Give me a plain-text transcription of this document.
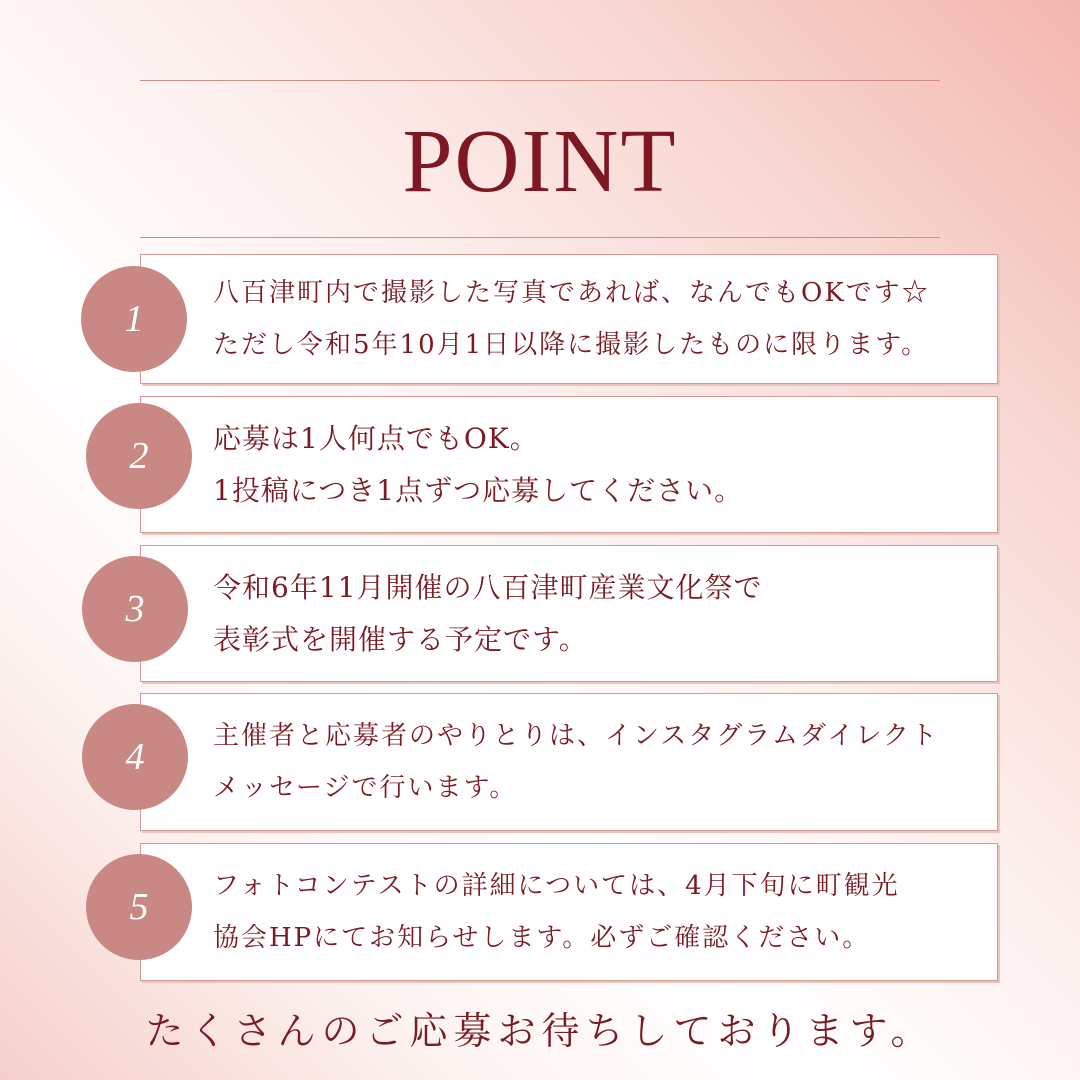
POINT
八百津町内で撮影した写真であれば、なんでもOKです☆
ただし令和5年10月1日以降に撮影したものに限ります。
1
応募は1人何点でもOK。
1投稿につき1点ずつ応募してください。
2
令和6年11月開催の八百津町産業文化祭で
表彰式を開催する予定です。
3
主催者と応募者のやりとりは、インスタグラムダイレクト
メッセージで行います。
4
フォトコンテストの詳細については、4月下旬に町観光
協会HPにてお知らせします。必ずご確認ください。
5
たくさんのご応募お待ちしております。
